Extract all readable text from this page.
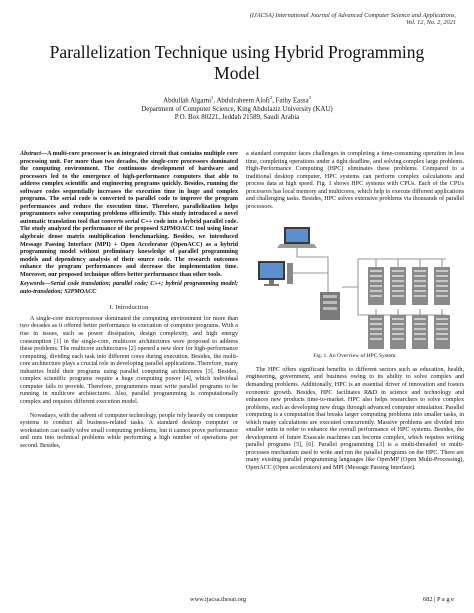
(IJACSA) International Journal of Advanced Computer Science and Applications,
Vol. 12, No. 2, 2021
Parallelization Technique using Hybrid Programming
Model
Abdullah Algarni$^1$, Abdulraheem Alofi$^2$, Fathy Eassa$^3$
Department of Computer Science, King Abdulaziz University (KAU)
P.O. Box 80221, Jeddah 21589, Saudi Arabia

Abstract—A multi-core processor is an integrated circuit that contains multiple core processing unit. For more than two decades, the single-core processors dominated the computing environment. The continuous development of hardware and processors led to the emergence of high-performance computers that able to address complex scientific and engineering programs quickly. Besides, running the software codes sequentially increases the execution time in huge and complex programs. The serial code is converted to parallel code to improve the program performances and reduce the execution time. Therefore, parallelization helps programmers solve computing problems efficiently. This study introduced a novel automatic translation tool that converts serial C++ code into a hybrid parallel code. The study analyzed the performance of the proposed S2PMOACC tool using linear algebraic dense matrix multiplication benchmarking. Besides, we introduced Message Passing Interface (MPI) + Open Accelerator (OpenACC) as a hybrid programming model without preliminary knowledge of parallel programming models and dependency analysis of their source code. The research outcomes enhance the program performances and decrease the implementation time. Moreover, our proposed technique offers better performance than other tools.

Keywords—Serial code translation; parallel code; C++; hybrid programming model; auto-translation; S2PMOACC

I. Introduction

A single-core microprocessor dominated the computing environment for more than two decades as it offered better performance in execution of computer programs. With a rise in issues, such as power dissipation, design complexity, and high energy consumption [1] in the single-core, multicore architectures were proposed to address these problems. The multicore architectures [2] opened a new door for high-performance computing, dividing each task into different cores during execution. Besides, the multi-core architecture plays a crucial role in developing parallel applications. Therefore, many industries build their programs using parallel computing architectures [3]. Besides, complex scientific programs require a huge computing power [4], which individual computer fails to provide. Therefore, programmers must write parallel programs to be running in multicore architectures. Also, parallel programming is computationally complex and requires different execution model.

Nowadays, with the advent of computer technology, people rely heavily on computer systems to conduct all business-related tasks. A standard desktop computer or workstation can easily solve small computing problems, but it cannot prove performance and runs into technical problems while performing a high number of operations per second. Besides,

a standard computer faces challenges in completing a time-consuming operation in less time, completing operations under a tight deadline, and solving complex large problems. High-Performance Computing (HPC) eliminates these problems. Compared to a traditional desktop computer, HPC systems can perform complex calculations and process data at high speed. Fig. 1 shows HPC systems with CPUs. Each of the CPUs processors has local memory and multicores, which help to execute different applications and challenging tasks. Besides, HPC solves extensive problems via thousands of parallel processors.

Fig. 1. An Overview of HPC System.

The HPC offers significant benefits to different sectors such as education, health, engineering, government, and business owing to its ability to solve complex and demanding problems. Additionally, HPC is an essential driver of innovation and fosters economic growth. Besides, HPC facilitates R&D in science and technology and enhances new products time-to-market. HPC also helps researchers to solve complex problems, such as developing new drugs through advanced computer simulation. Parallel computing is a computation that breaks larger computing problems into smaller tasks, in which many calculations are executed concurrently. Massive problems are divided into smaller units in order to enhance the overall performance of HPC systems. Besides, the development of future Exascale machines can become complex, which requires writing parallel programs [5], [6]. Parallel programming [3] is a multi-threaded or multi-processes mechanism used to write and run the parallel programs on the HPC. There are many existing parallel programming languages like OpenMP (Open Multi-Processing), OpenACC (Open accelerators) and MPI (Message Passing Interface).

www.ijacsa.thesai.org	682 | P a g e
